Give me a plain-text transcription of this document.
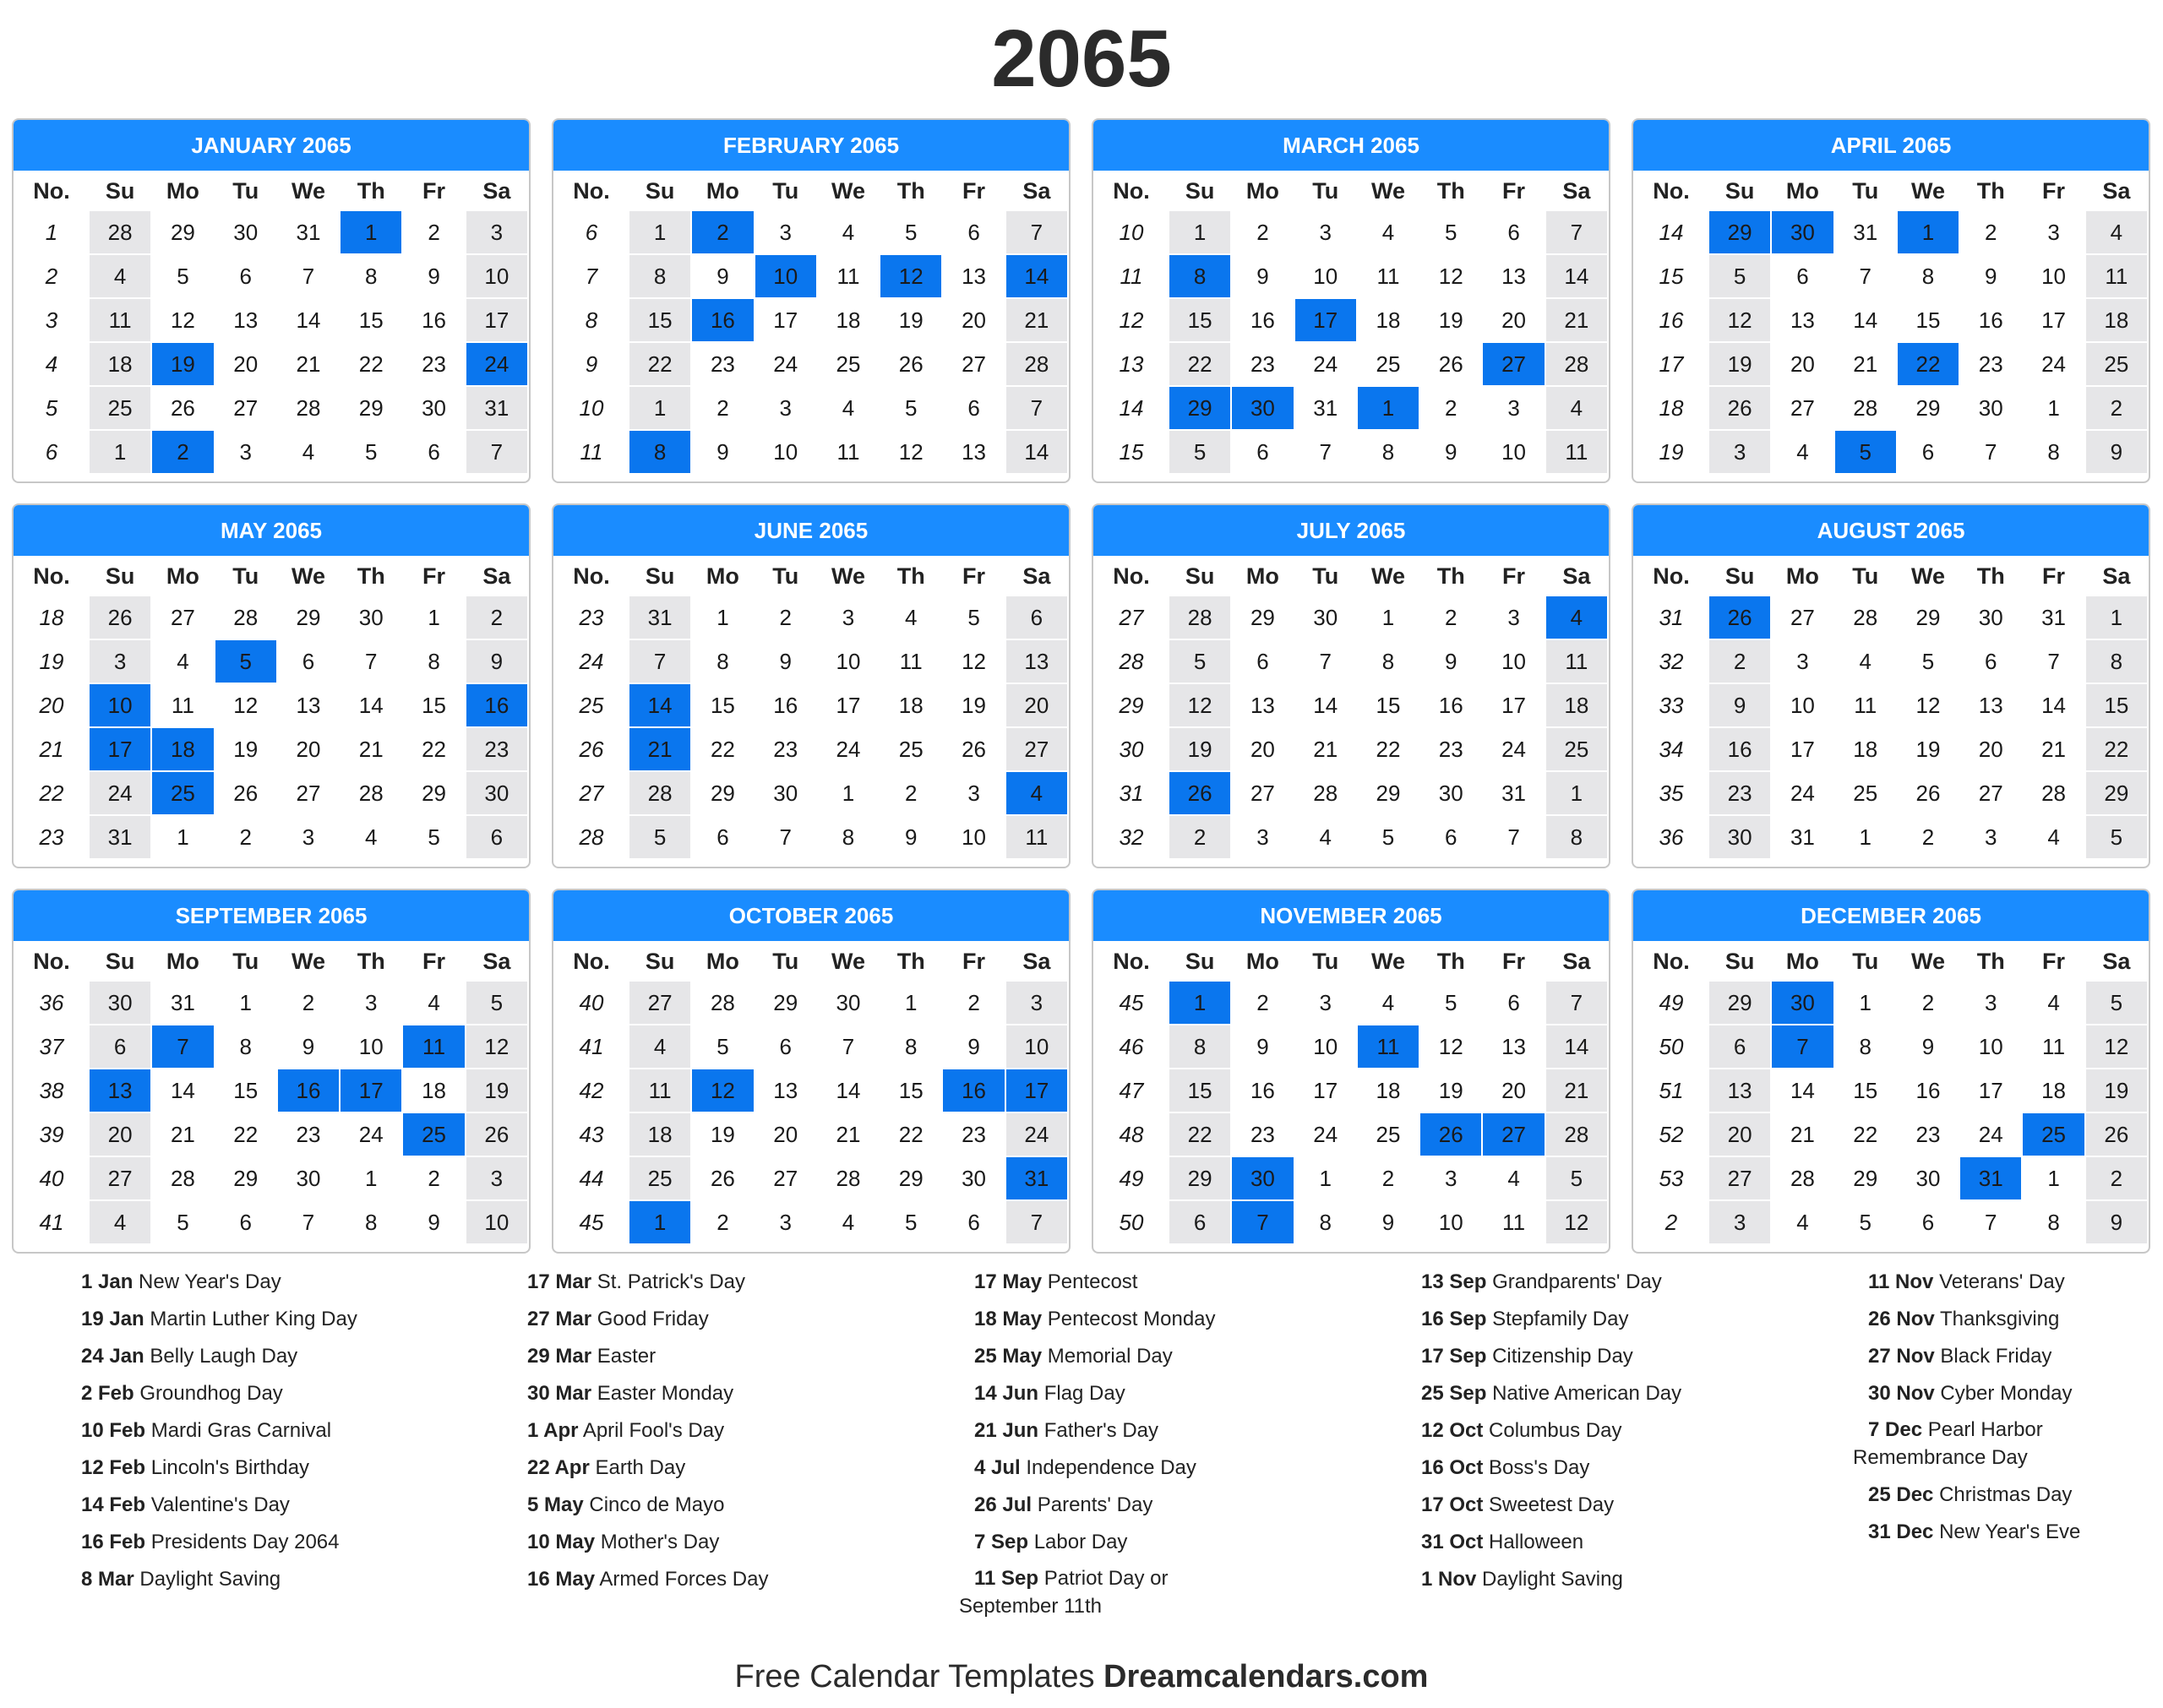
2065
JANUARY 2065
No.	Su	Mo	Tu	We	Th	Fr	Sa
1	28	29	30	31	1	2	3
2	4	5	6	7	8	9	10
3	11	12	13	14	15	16	17
4	18	19	20	21	22	23	24
5	25	26	27	28	29	30	31
6	1	2	3	4	5	6	7
FEBRUARY 2065
No.	Su	Mo	Tu	We	Th	Fr	Sa
6	1	2	3	4	5	6	7
7	8	9	10	11	12	13	14
8	15	16	17	18	19	20	21
9	22	23	24	25	26	27	28
10	1	2	3	4	5	6	7
11	8	9	10	11	12	13	14
MARCH 2065
No.	Su	Mo	Tu	We	Th	Fr	Sa
10	1	2	3	4	5	6	7
11	8	9	10	11	12	13	14
12	15	16	17	18	19	20	21
13	22	23	24	25	26	27	28
14	29	30	31	1	2	3	4
15	5	6	7	8	9	10	11
APRIL 2065
No.	Su	Mo	Tu	We	Th	Fr	Sa
14	29	30	31	1	2	3	4
15	5	6	7	8	9	10	11
16	12	13	14	15	16	17	18
17	19	20	21	22	23	24	25
18	26	27	28	29	30	1	2
19	3	4	5	6	7	8	9
MAY 2065
No.	Su	Mo	Tu	We	Th	Fr	Sa
18	26	27	28	29	30	1	2
19	3	4	5	6	7	8	9
20	10	11	12	13	14	15	16
21	17	18	19	20	21	22	23
22	24	25	26	27	28	29	30
23	31	1	2	3	4	5	6
JUNE 2065
No.	Su	Mo	Tu	We	Th	Fr	Sa
23	31	1	2	3	4	5	6
24	7	8	9	10	11	12	13
25	14	15	16	17	18	19	20
26	21	22	23	24	25	26	27
27	28	29	30	1	2	3	4
28	5	6	7	8	9	10	11
JULY 2065
No.	Su	Mo	Tu	We	Th	Fr	Sa
27	28	29	30	1	2	3	4
28	5	6	7	8	9	10	11
29	12	13	14	15	16	17	18
30	19	20	21	22	23	24	25
31	26	27	28	29	30	31	1
32	2	3	4	5	6	7	8
AUGUST 2065
No.	Su	Mo	Tu	We	Th	Fr	Sa
31	26	27	28	29	30	31	1
32	2	3	4	5	6	7	8
33	9	10	11	12	13	14	15
34	16	17	18	19	20	21	22
35	23	24	25	26	27	28	29
36	30	31	1	2	3	4	5
SEPTEMBER 2065
No.	Su	Mo	Tu	We	Th	Fr	Sa
36	30	31	1	2	3	4	5
37	6	7	8	9	10	11	12
38	13	14	15	16	17	18	19
39	20	21	22	23	24	25	26
40	27	28	29	30	1	2	3
41	4	5	6	7	8	9	10
OCTOBER 2065
No.	Su	Mo	Tu	We	Th	Fr	Sa
40	27	28	29	30	1	2	3
41	4	5	6	7	8	9	10
42	11	12	13	14	15	16	17
43	18	19	20	21	22	23	24
44	25	26	27	28	29	30	31
45	1	2	3	4	5	6	7
NOVEMBER 2065
No.	Su	Mo	Tu	We	Th	Fr	Sa
45	1	2	3	4	5	6	7
46	8	9	10	11	12	13	14
47	15	16	17	18	19	20	21
48	22	23	24	25	26	27	28
49	29	30	1	2	3	4	5
50	6	7	8	9	10	11	12
DECEMBER 2065
No.	Su	Mo	Tu	We	Th	Fr	Sa
49	29	30	1	2	3	4	5
50	6	7	8	9	10	11	12
51	13	14	15	16	17	18	19
52	20	21	22	23	24	25	26
53	27	28	29	30	31	1	2
2	3	4	5	6	7	8	9
1 Jan New Year's Day
19 Jan Martin Luther King Day
24 Jan Belly Laugh Day
2 Feb Groundhog Day
10 Feb Mardi Gras Carnival
12 Feb Lincoln's Birthday
14 Feb Valentine's Day
16 Feb Presidents Day 2064
8 Mar Daylight Saving
17 Mar St. Patrick's Day
27 Mar Good Friday
29 Mar Easter
30 Mar Easter Monday
1 Apr April Fool's Day
22 Apr Earth Day
5 May Cinco de Mayo
10 May Mother's Day
16 May Armed Forces Day
17 May Pentecost
18 May Pentecost Monday
25 May Memorial Day
14 Jun Flag Day
21 Jun Father's Day
4 Jul Independence Day
26 Jul Parents' Day
7 Sep Labor Day
11 Sep Patriot Day or September 11th
13 Sep Grandparents' Day
16 Sep Stepfamily Day
17 Sep Citizenship Day
25 Sep Native American Day
12 Oct Columbus Day
16 Oct Boss's Day
17 Oct Sweetest Day
31 Oct Halloween
1 Nov Daylight Saving
11 Nov Veterans' Day
26 Nov Thanksgiving
27 Nov Black Friday
30 Nov Cyber Monday
7 Dec Pearl Harbor Remembrance Day
25 Dec Christmas Day
31 Dec New Year's Eve
Free Calendar Templates Dreamcalendars.com
